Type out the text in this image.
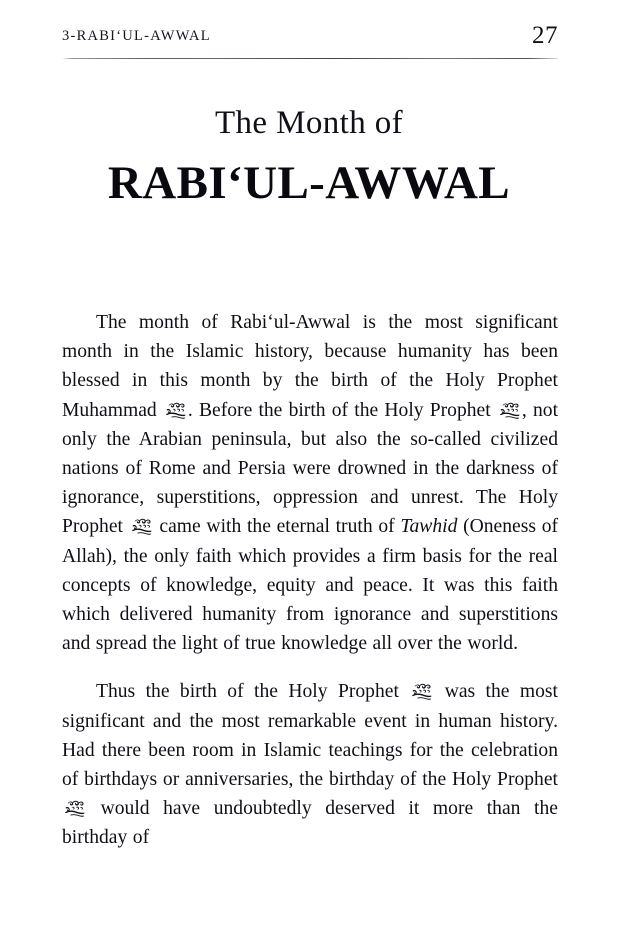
3-RABIʻUL-AWWAL	27
The Month of
RABIʻUL-AWWAL

The month of Rabiʻul-Awwal is the most significant month in the Islamic history, because humanity has been blessed in this month by the birth of the Holy Prophet Muhammad
. Before the birth of the Holy Prophet
, not only the Arabian peninsula, but also the so-called civilized nations of Rome and Persia were drowned in the darkness of ignorance, superstitions, oppression and unrest. The Holy Prophet
came with the eternal truth of Tawhid (Oneness of Allah), the only faith which provides a firm basis for the real concepts of knowledge, equity and peace. It was this faith which delivered humanity from ignorance and superstitions and spread the light of true knowledge all over the world.

Thus the birth of the Holy Prophet
was the most significant and the most remarkable event in human history. Had there been room in Islamic teachings for the celebration of birthdays or anniversaries, the birthday of the Holy Prophet
would have undoubtedly deserved it more than the birthday of
